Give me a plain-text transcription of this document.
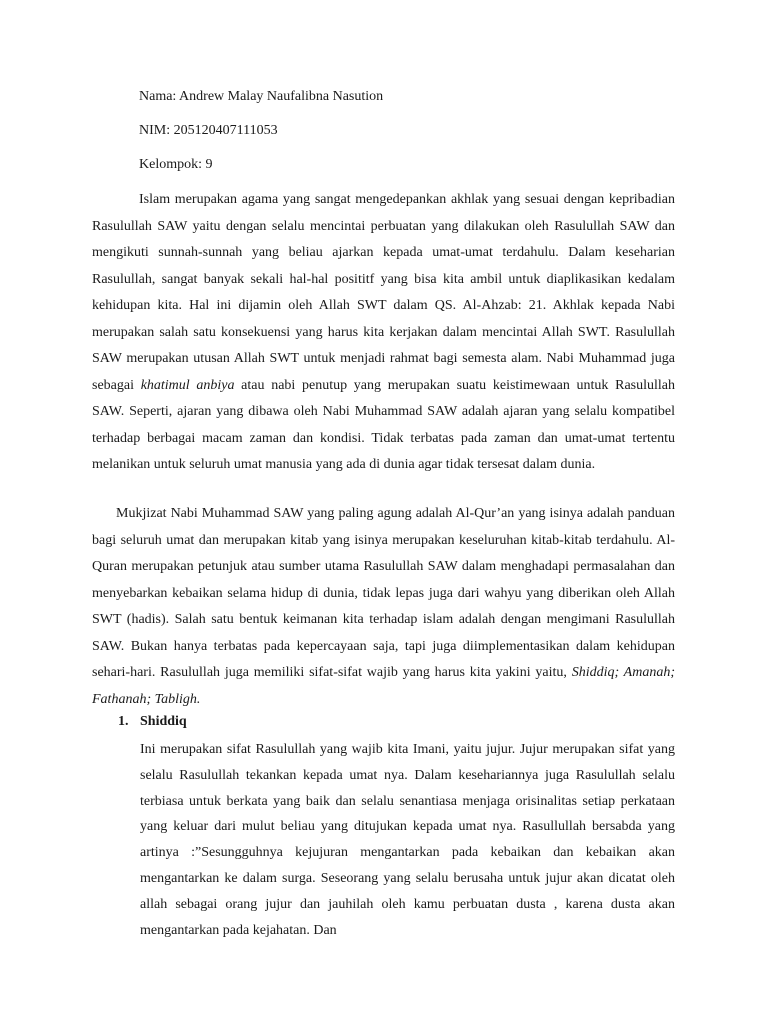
Nama: Andrew Malay Naufalibna Nasution
NIM: 205120407111053
Kelompok: 9

Islam merupakan agama yang sangat mengedepankan akhlak yang sesuai dengan kepribadian Rasulullah SAW yaitu dengan selalu mencintai perbuatan yang dilakukan oleh Rasulullah SAW dan mengikuti sunnah-sunnah yang beliau ajarkan kepada umat-umat terdahulu. Dalam keseharian Rasulullah, sangat banyak sekali hal-hal posititf yang bisa kita ambil untuk diaplikasikan kedalam kehidupan kita. Hal ini dijamin oleh Allah SWT dalam QS. Al-Ahzab: 21. Akhlak kepada Nabi merupakan salah satu konsekuensi yang harus kita kerjakan dalam mencintai Allah SWT. Rasulullah SAW merupakan utusan Allah SWT untuk menjadi rahmat bagi semesta alam. Nabi Muhammad juga sebagai khatimul anbiya atau nabi penutup yang merupakan suatu keistimewaan untuk Rasulullah SAW. Seperti, ajaran yang dibawa oleh Nabi Muhammad SAW adalah ajaran yang selalu kompatibel terhadap berbagai macam zaman dan kondisi. Tidak terbatas pada zaman dan umat-umat tertentu melanikan untuk seluruh umat manusia yang ada di dunia agar tidak tersesat dalam dunia.

Mukjizat Nabi Muhammad SAW yang paling agung adalah Al-Qur’an yang isinya adalah panduan bagi seluruh umat dan merupakan kitab yang isinya merupakan keseluruhan kitab-kitab terdahulu. Al-Quran merupakan petunjuk atau sumber utama Rasulullah SAW dalam menghadapi permasalahan dan menyebarkan kebaikan selama hidup di dunia, tidak lepas juga dari wahyu yang diberikan oleh Allah SWT (hadis). Salah satu bentuk keimanan kita terhadap islam adalah dengan mengimani Rasulullah SAW. Bukan hanya terbatas pada kepercayaan saja, tapi juga diimplementasikan dalam kehidupan sehari-hari. Rasulullah juga memiliki sifat-sifat wajib yang harus kita yakini yaitu, Shiddiq; Amanah; Fathanah; Tabligh.

1. Shiddiq

Ini merupakan sifat Rasulullah yang wajib kita Imani, yaitu jujur. Jujur merupakan sifat yang selalu Rasulullah tekankan kepada umat nya. Dalam kesehariannya juga Rasulullah selalu terbiasa untuk berkata yang baik dan selalu senantiasa menjaga orisinalitas setiap perkataan yang keluar dari mulut beliau yang ditujukan kepada umat nya. Rasullullah bersabda yang artinya :”Sesungguhnya kejujuran mengantarkan pada kebaikan dan kebaikan akan mengantarkan ke dalam surga. Seseorang yang selalu berusaha untuk jujur akan dicatat oleh allah sebagai orang jujur dan jauhilah oleh kamu perbuatan dusta , karena dusta akan mengantarkan pada kejahatan. Dan
